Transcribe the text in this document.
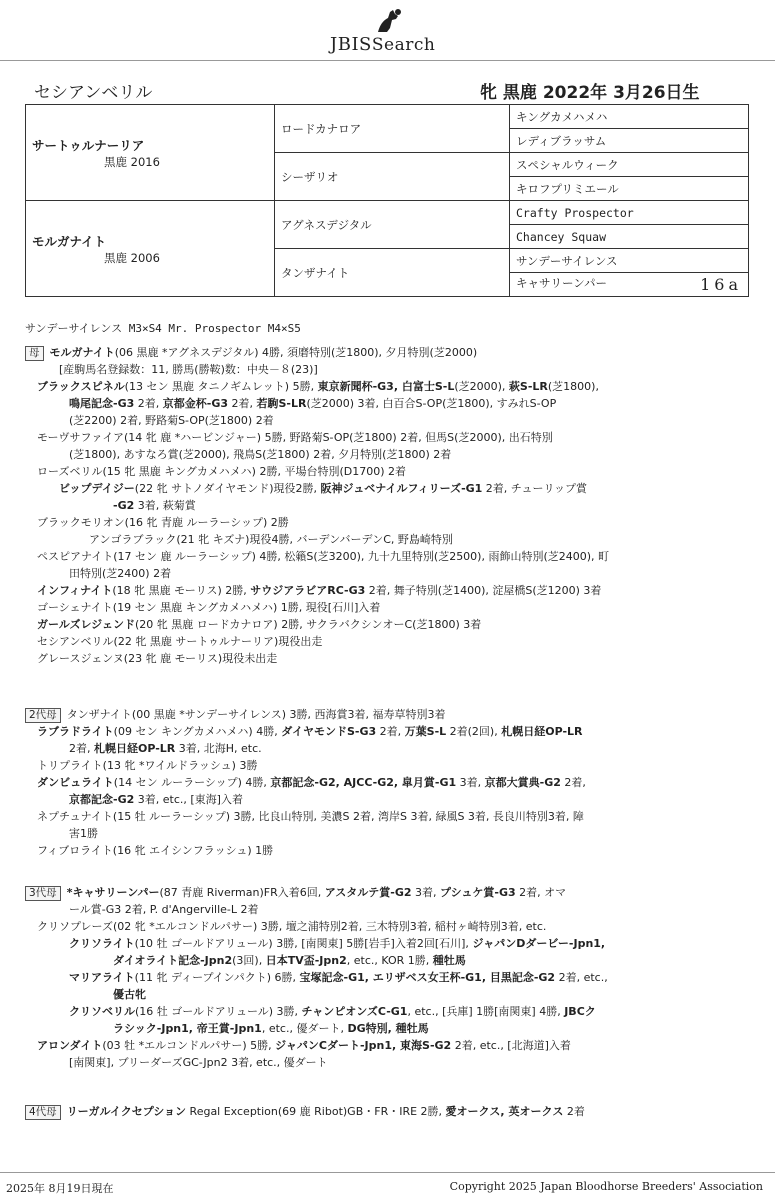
JBISSearch
セシアンベリル	牝 黒鹿 2022年 3月26日生
サートゥルナーリア
黒鹿 2016	ロードカナロア	キングカメハメハ
		レディブラッサム
	シーザリオ	スペシャルウィーク
		キロフプリミエール

モルガナイト
黒鹿 2006	アグネスデジタル	Crafty Prospector
		Chancey Squaw
	タンザナイト	サンデーサイレンス
		キャサリーンパー 16a
サンデーサイレンス M3×S4 Mr. Prospector M4×S5
母 モルガナイト(06 黒鹿 *アグネスデジタル) 4勝, 須磨特別(芝1800), 夕月特別(芝2000)
[産駒馬名登録数：11, 勝馬(勝鞍)数：中央－８(23)]
ブラックスピネル(13 セン 黒鹿 タニノギムレット) 5勝, 東京新聞杯-G3, 白富士S-L(芝2000), 萩S-LR(芝1800),
鳴尾記念-G3 2着, 京都金杯-G3 2着, 若駒S-LR(芝2000) 3着, 白百合S-OP(芝1800), すみれS-OP
(芝2200) 2着, 野路菊S-OP(芝1800) 2着
モーヴサファイア(14 牝 鹿 *ハービンジャー) 5勝, 野路菊S-OP(芝1800) 2着, 但馬S(芝2000), 出石特別
(芝1800), あすなろ賞(芝2000), 飛鳥S(芝1800) 2着, 夕月特別(芝1800) 2着
ローズベリル(15 牝 黒鹿 キングカメハメハ) 2勝, 平場台特別(D1700) 2着
ビップデイジー(22 牝 サトノダイヤモンド)現役2勝, 阪神ジュベナイルフィリーズ-G1 2着, チューリップ賞
-G2 3着, 萩菊賞
ブラックモリオン(16 牝 青鹿 ルーラーシップ) 2勝
アンゴラブラック(21 牝 キズナ)現役4勝, バーデンバーデンC, 野島崎特別
ペスピアナイト(17 セン 鹿 ルーラーシップ) 4勝, 松籟S(芝3200), 九十九里特別(芝2500), 雨飾山特別(芝2400), 町
田特別(芝2400) 2着
インフィナイト(18 牝 黒鹿 モーリス) 2勝, サウジアラビアRC-G3 2着, 舞子特別(芝1400), 淀屋橋S(芝1200) 3着
ゴーシェナイト(19 セン 黒鹿 キングカメハメハ) 1勝, 現役[石川]入着
ガールズレジェンド(20 牝 黒鹿 ロードカナロア) 2勝, サクラバクシンオーC(芝1800) 3着
セシアンベリル(22 牝 黒鹿 サートゥルナーリア)現役出走
グレースジェンヌ(23 牝 鹿 モーリス)現役未出走
2代母 タンザナイト(00 黒鹿 *サンデーサイレンス) 3勝, 西海賞3着, 福寿草特別3着
ラブラドライト(09 セン キングカメハメハ) 4勝, ダイヤモンドS-G3 2着, 万葉S-L 2着(2回), 札幌日経OP-LR
2着, 札幌日経OP-LR 3着, 北海H, etc.
トリプライト(13 牝 *ワイルドラッシュ) 3勝
ダンビュライト(14 セン ルーラーシップ) 4勝, 京都記念-G2, AJCC-G2, 皐月賞-G1 3着, 京都大賞典-G2 2着,
京都記念-G2 3着, etc., [東海]入着
ネプチュナイト(15 牡 ルーラーシップ) 3勝, 比良山特別, 美濃S 2着, 湾岸S 3着, 緑風S 3着, 長良川特別3着, 障
害1勝
フィブロライト(16 牝 エイシンフラッシュ) 1勝
3代母 *キャサリーンパー(87 青鹿 Riverman)FR入着6回, アスタルテ賞-G2 3着, プシュケ賞-G3 2着, オマ
ール賞-G3 2着, P. d'Angerville-L 2着
クリソプレーズ(02 牝 *エルコンドルパサー) 3勝, 壇之浦特別2着, 三木特別3着, 稲村ヶ崎特別3着, etc.
クリソライト(10 牡 ゴールドアリュール) 3勝, [南関東] 5勝[岩手]入着2回[石川], ジャパンDダービー-Jpn1,
ダイオライト記念-Jpn2(3回), 日本TV盃-Jpn2, etc., KOR 1勝, 種牡馬
マリアライト(11 牝 ディープインパクト) 6勝, 宝塚記念-G1, エリザベス女王杯-G1, 目黒記念-G2 2着, etc.,
優古牝
クリソベリル(16 牡 ゴールドアリュール) 3勝, チャンピオンズC-G1, etc., [兵庫] 1勝[南関東] 4勝, JBCク
ラシック-Jpn1, 帝王賞-Jpn1, etc., 優ダート, DG特別, 種牡馬
アロンダイト(03 牡 *エルコンドルパサー) 5勝, ジャパンCダート-Jpn1, 東海S-G2 2着, etc., [北海道]入着
[南関東], ブリーダーズGC-Jpn2 3着, etc., 優ダート
4代母 リーガルイクセプション Regal Exception(69 鹿 Ribot)GB・FR・IRE 2勝, 愛オークス, 英オークス 2着
2025年 8月19日現在	Copyright 2025 Japan Bloodhorse Breeders' Association
